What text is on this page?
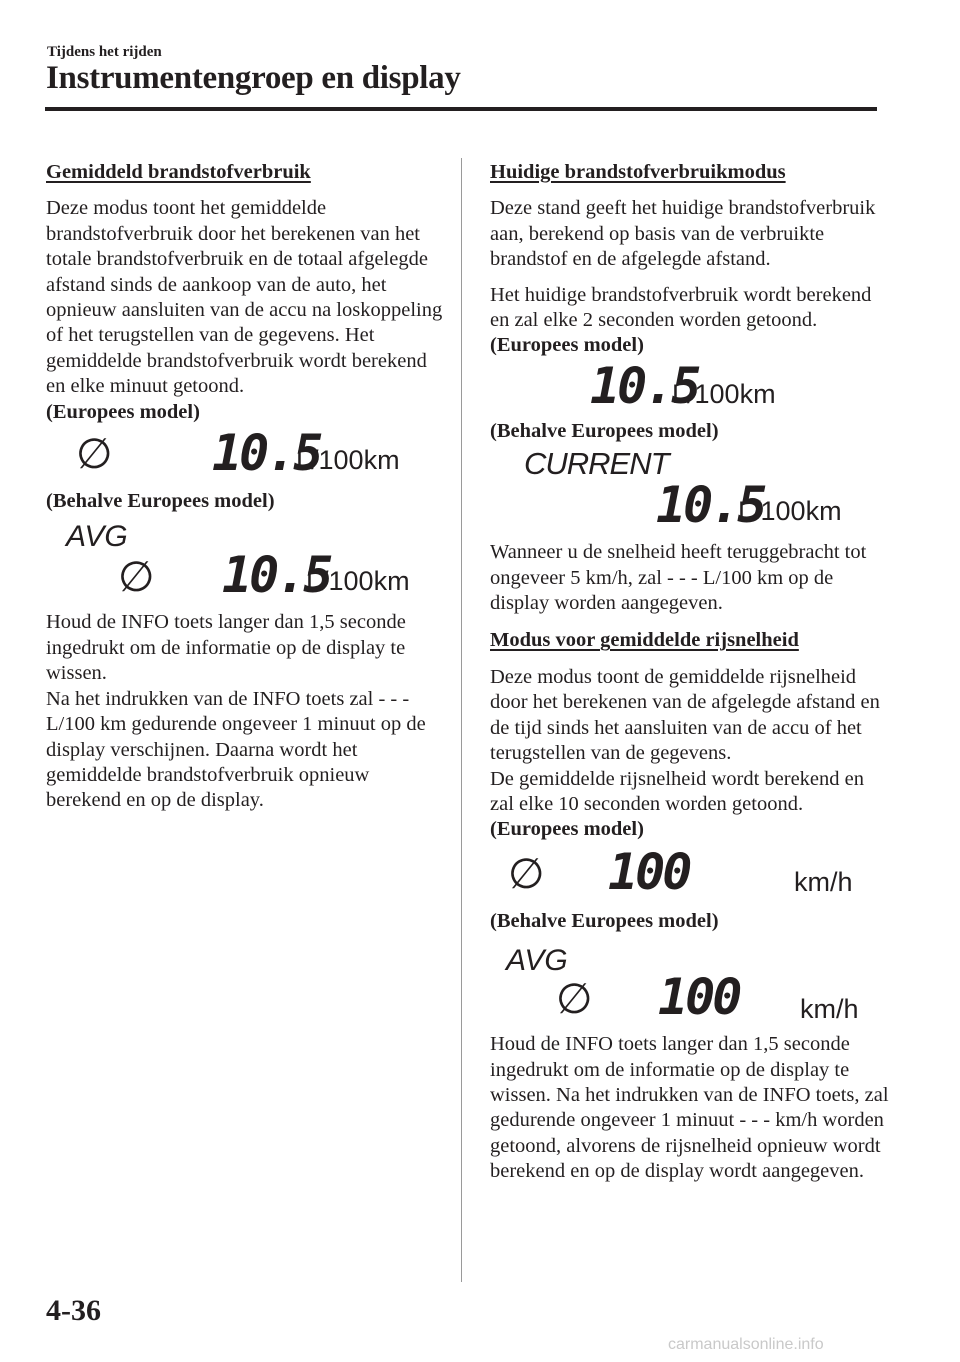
Tijdens het rijden
Instrumentengroep en display
Gemiddeld brandstofverbruik

Deze modus toont het gemiddelde brandstofverbruik door het berekenen van het totale brandstofverbruik en de totaal afgelegde afstand sinds de aankoop van de auto, het opnieuw aansluiten van de accu na loskoppeling of het terugstellen van de gegevens. Het gemiddelde brandstofverbruik wordt berekend en elke minuut getoond.

(Europees model)
∅ 10.5
L/100km
(Behalve Europees model)
AVG
∅ 10.5
L/100km

Houd de INFO toets langer dan 1,5 seconde ingedrukt om de informatie op de display te wissen.

Na het indrukken van de INFO toets zal - - - L/100 km gedurende ongeveer 1 minuut op de display verschijnen. Daarna wordt het gemiddelde brandstofverbruik opnieuw berekend en op de display.

Huidige brandstofverbruikmodus

Deze stand geeft het huidige brandstofverbruik aan, berekend op basis van de verbruikte brandstof en de afgelegde afstand.

Het huidige brandstofverbruik wordt berekend en zal elke 2 seconden worden getoond.

(Europees model)
10.5
L/100km
(Behalve Europees model)
CURRENT
10.5
L/100km

Wanneer u de snelheid heeft teruggebracht tot ongeveer 5 km/h, zal - - - L/100 km op de display worden aangegeven.

Modus voor gemiddelde rijsnelheid

Deze modus toont de gemiddelde rijsnelheid door het berekenen van de afgelegde afstand en de tijd sinds het aansluiten van de accu of het terugstellen van de gegevens.

De gemiddelde rijsnelheid wordt berekend en zal elke 10 seconden worden getoond.

(Europees model)
∅ 100	km/h
(Behalve Europees model)
AVG
∅ 100 km/h

Houd de INFO toets langer dan 1,5 seconde ingedrukt om de informatie op de display te wissen. Na het indrukken van de INFO toets, zal gedurende ongeveer 1 minuut - - - km/h worden getoond, alvorens de rijsnelheid opnieuw wordt berekend en op de display wordt aangegeven.

4-36
carmanualsonline.info
